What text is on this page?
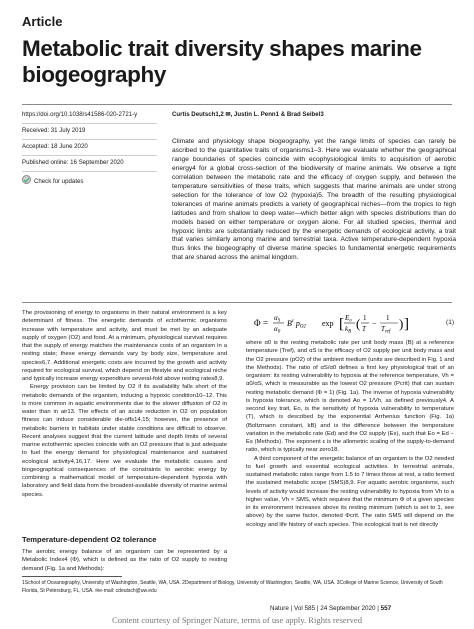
Article
Metabolic trait diversity shapes marine biogeography
https://doi.org/10.1038/s41586-020-2721-y
Received: 31 July 2019
Accepted: 18 June 2020
Published online: 16 September 2020
Check for updates
Curtis Deutsch1,2 ✉, Justin L. Penn1 & Brad Seibel3

Climate and physiology shape biogeography, yet the range limits of species can rarely be ascribed to the quantitative traits of organisms1–3. Here we evaluate whether the geographical range boundaries of species coincide with ecophysiological limits to acquisition of aerobic energy4 for a global cross-section of the biodiversity of marine animals. We observe a tight correlation between the metabolic rate and the efficacy of oxygen supply, and between the temperature sensitivities of these traits, which suggests that marine animals are under strong selection for the tolerance of low O2 (hypoxia)5. The breadth of the resulting physiological tolerances of marine animals predicts a variety of geographical niches—from the tropics to high latitudes and from shallow to deep water—which better align with species distributions than do models based on either temperature or oxygen alone. For all studied species, thermal and hypoxic limits are substantially reduced by the energetic demands of ecological activity, a trait that varies similarly among marine and terrestrial taxa. Active temperature-dependent hypoxia thus links the biogeography of diverse marine species to fundamental energetic requirements that are shared across the animal kingdom.

The provisioning of energy to organisms in their natural environment is a key determinant of fitness. The energetic demands of ectothermic organisms increase with temperature and activity, and must be met by an adequate supply of oxygen (O2) and food. At a minimum, physiological survival requires that the supply of energy matches the maintenance costs of an organism in a resting state; these energy demands vary by body size, temperature and species6,7. Additional energetic costs are incurred by the growth and activity required for ecological survival, which depend on lifestyle and ecological niche and typically increase energy expenditure several-fold above resting rates8,9.

Energy provision can be limited by O2 if its availability falls short of the metabolic demands of the organism, inducing a hypoxic condition10–12. This is more common in aquatic environments due to the slower diffusion of O2 in water than in air13. The effects of an acute reduction in O2 on population fitness can induce considerable die-offs14,15; however, the presence of metabolic barriers in habitats under stable conditions are difficult to observe. Recent analyses suggest that the current latitude and depth limits of several marine ectothermic species coincide with an O2 pressure that is just adequate to fuel the energy demand for physiological maintenance and sustained ecological activity4,16,17. Here we evaluate the metabolic causes and biogeographical consequences of the constraints to aerobic energy by combining a mathematical model of temperature-dependent hypoxia with laboratory and field data from the broadest-available diversity of marine animal species.

Temperature-dependent O2 tolerance

The aerobic energy balance of an organism can be represented by a Metabolic Index4 (Φ), which is defined as the ratio of O2 supply to resting demand (Fig. 1a and Methods):

$\Phi = \alpha_S$
$\alpha_0$
$B^\varepsilon$ pO2 exp [ $E_o$
$k_B$
( 1
T
−
1
$T_{ref}$
) ]	(1)

where α0 is the resting metabolic rate per unit body mass (B) at a reference temperature (Tref), and αS is the efficacy of O2 supply per unit body mass and the O2 pressure (pO2) of the ambient medium (units are described in Fig. 1 and the Methods). The ratio of αS/α0 defines a first key physiological trait of an organism: its resting vulnerability to hypoxia at the reference temperature, Vh = α0/αS, which is measurable as the lowest O2 pressure (Pcrit) that can sustain resting metabolic demand (Φ = 1) (Fig. 1a). The inverse of hypoxia vulnerability is hypoxia tolerance, which is denoted Ao = 1/Vh, as defined previously4. A second key trait, Eo, is the sensitivity of hypoxia vulnerability to temperature (T), which is described by the exponential Arrhenius function (Fig. 1a) (Boltzmann constant, kB) and is the difference between the temperature variation in the metabolic rate (Ed) and the O2 supply (Es), such that Eo = Ed − Es (Methods). The exponent ε is the allometric scaling of the supply-to-demand ratio, which is typically near zero18.

A third component of the energetic balance of an organism is the O2 needed to fuel growth and essential ecological activities. In terrestrial animals, sustained metabolic rates range from 1.5 to 7 times those at rest, a ratio termed the sustained metabolic scope (SMS)8,9. For aquatic aerobic organisms, such levels of activity would increase the resting vulnerability to hypoxia from Vh to a higher value, Vh × SMS, which requires that the minimum Φ of a given species in its environment increases above its resting minimum (which is set to 1, see above) by the same factor, denoted Φcrit. The ratio SMS will depend on the ecology and life history of each species. This ecological trait is not directly

1School of Oceanography, University of Washington, Seattle, WA, USA. 2Department of Biology, University of Washington, Seattle, WA, USA. 3College of Marine Science, University of South Florida, St Petersburg, FL, USA. ✉e-mail: cdeutsch@uw.edu
Nature | Vol 585 | 24 September 2020 | 557
Content courtesy of Springer Nature, terms of use apply. Rights reserved
